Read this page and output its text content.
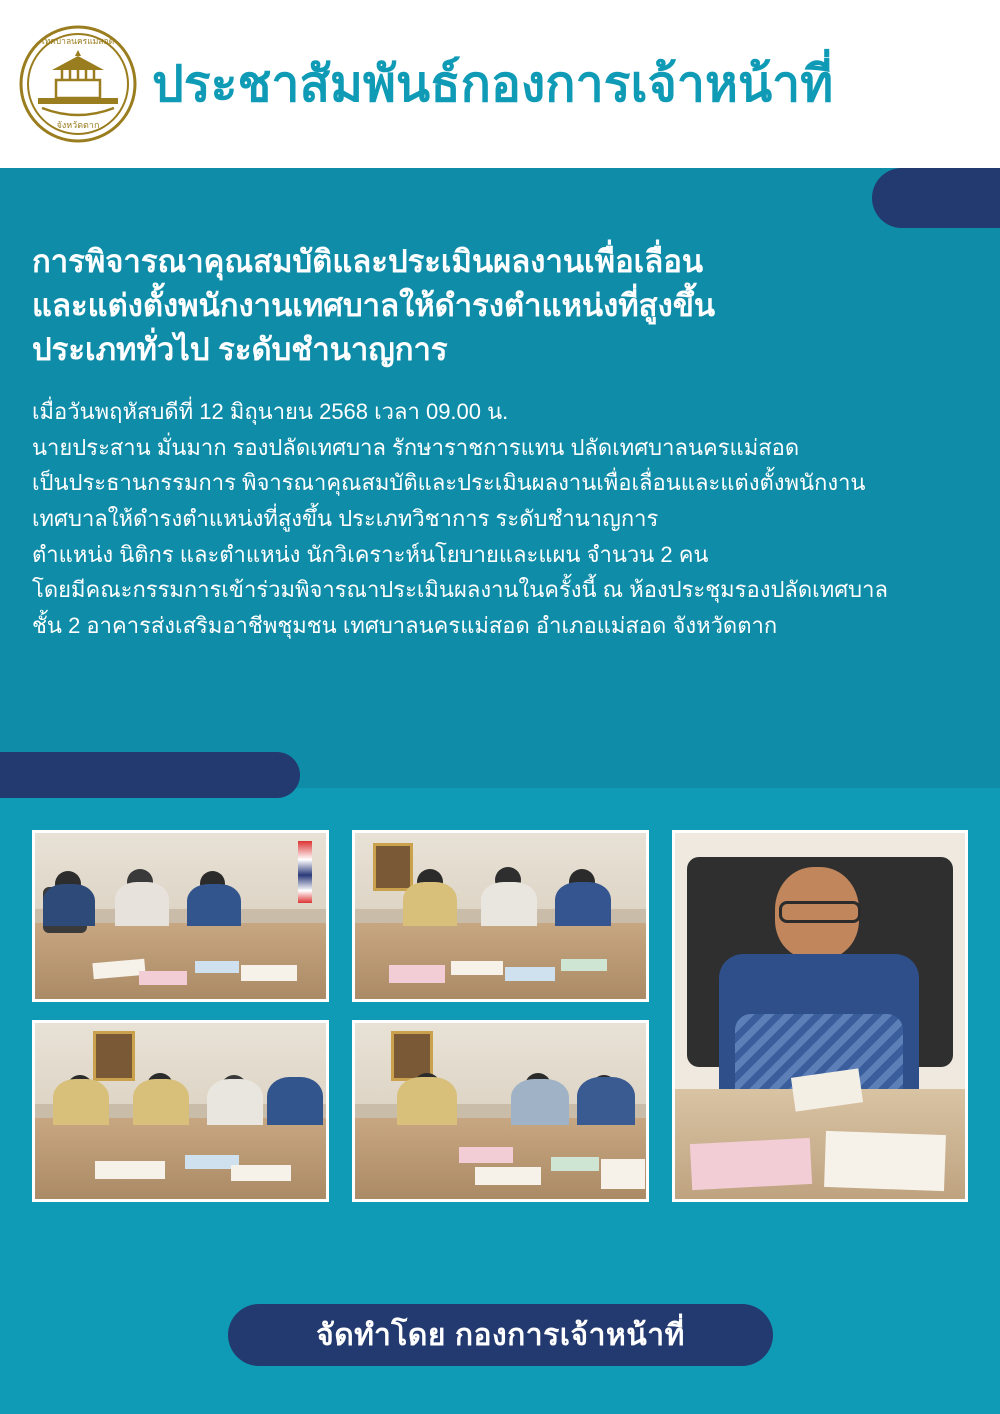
เทศบาลนครแม่สอด
จังหวัดตาก
ประชาสัมพันธ์กองการเจ้าหน้าที่
การพิจารณาคุณสมบัติและประเมินผลงานเพื่อเลื่อน
และแต่งตั้งพนักงานเทศบาลให้ดำรงตำแหน่งที่สูงขึ้น
ประเภททั่วไป ระดับชำนาญการ
เมื่อวันพฤหัสบดีที่ 12 มิถุนายน 2568 เวลา 09.00 น.
นายประสาน มั่นมาก รองปลัดเทศบาล รักษาราชการแทน ปลัดเทศบาลนครแม่สอด
เป็นประธานกรรมการ พิจารณาคุณสมบัติและประเมินผลงานเพื่อเลื่อนและแต่งตั้งพนักงาน
เทศบาลให้ดำรงตำแหน่งที่สูงขึ้น ประเภทวิชาการ ระดับชำนาญการ
ตำแหน่ง นิติกร และตำแหน่ง นักวิเคราะห์นโยบายและแผน จำนวน 2 คน
โดยมีคณะกรรมการเข้าร่วมพิจารณาประเมินผลงานในครั้งนี้ ณ ห้องประชุมรองปลัดเทศบาล
ชั้น 2 อาคารส่งเสริมอาชีพชุมชน เทศบาลนครแม่สอด อำเภอแม่สอด จังหวัดตาก
จัดทำโดย กองการเจ้าหน้าที่
